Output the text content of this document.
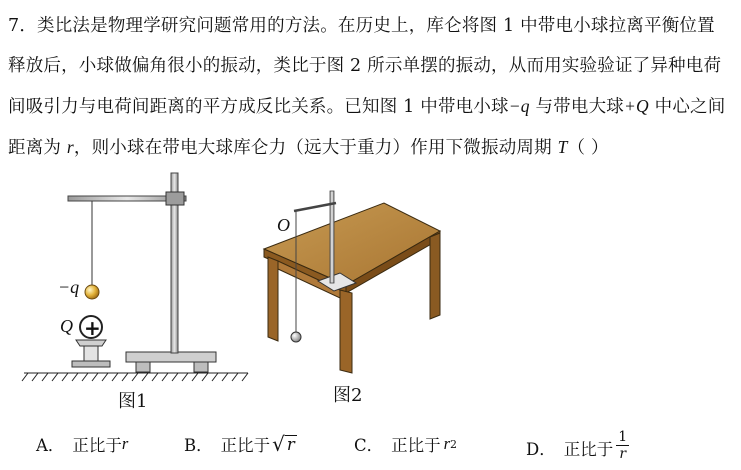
7．类比法是物理学研究问题常用的方法。在历史上，库仑将图 1 中带电小球拉离平衡位置

释放后，小球做偏角很小的振动，类比于图 2 所示单摆的振动，从而用实验验证了异种电荷

间吸引力与电荷间距离的平方成反比关系。已知图 1 中带电小球−q 与带电大球+Q 中心之间

距离为 r，则小球在带电大球库仑力（远大于重力）作用下微振动周期 T（ ）

−q
+
Q
图1
O
图2
A． 正比于 r	B． 正比于 √ r	C． 正比于 r 2	D． 正比于 $\frac{1}{r}$
